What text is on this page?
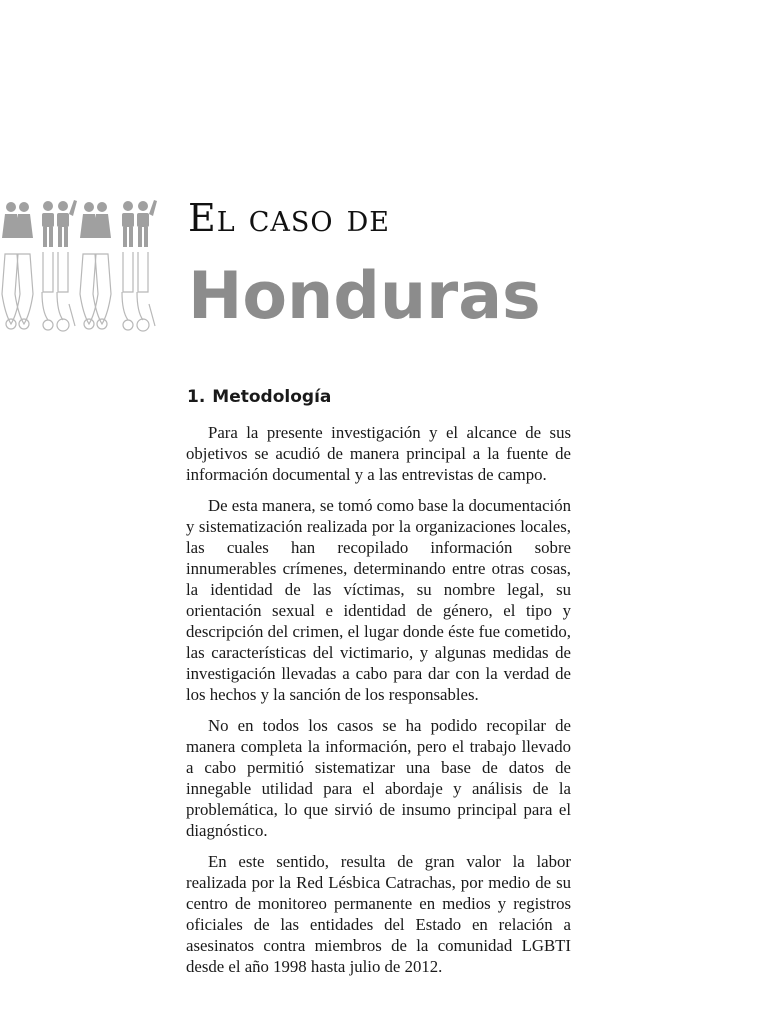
El caso de
Honduras
1. Metodología

Para la presente investigación y el alcance de sus objetivos se acudió de manera principal a la fuente de información documental y a las entrevistas de campo.

De esta manera, se tomó como base la documentación y sistematización realizada por la organizaciones locales, las cuales han recopilado información sobre innumerables crímenes, determinando entre otras cosas, la identidad de las víctimas, su nombre legal, su orientación sexual e identidad de género, el tipo y descripción del crimen, el lugar donde éste fue cometido, las características del victimario, y algunas medidas de investigación llevadas a cabo para dar con la verdad de los hechos y la sanción de los responsables.

No en todos los casos se ha podido recopilar de manera completa la información, pero el trabajo llevado a cabo permitió sistematizar una base de datos de innegable utilidad para el abordaje y análisis de la problemática, lo que sirvió de insumo principal para el diagnóstico.

En este sentido, resulta de gran valor la labor realizada por la Red Lésbica Catrachas, por medio de su centro de monitoreo permanente en medios y registros oficiales de las entidades del Estado en relación a asesinatos contra miembros de la comunidad LGBTI desde el año 1998 hasta julio de 2012.
